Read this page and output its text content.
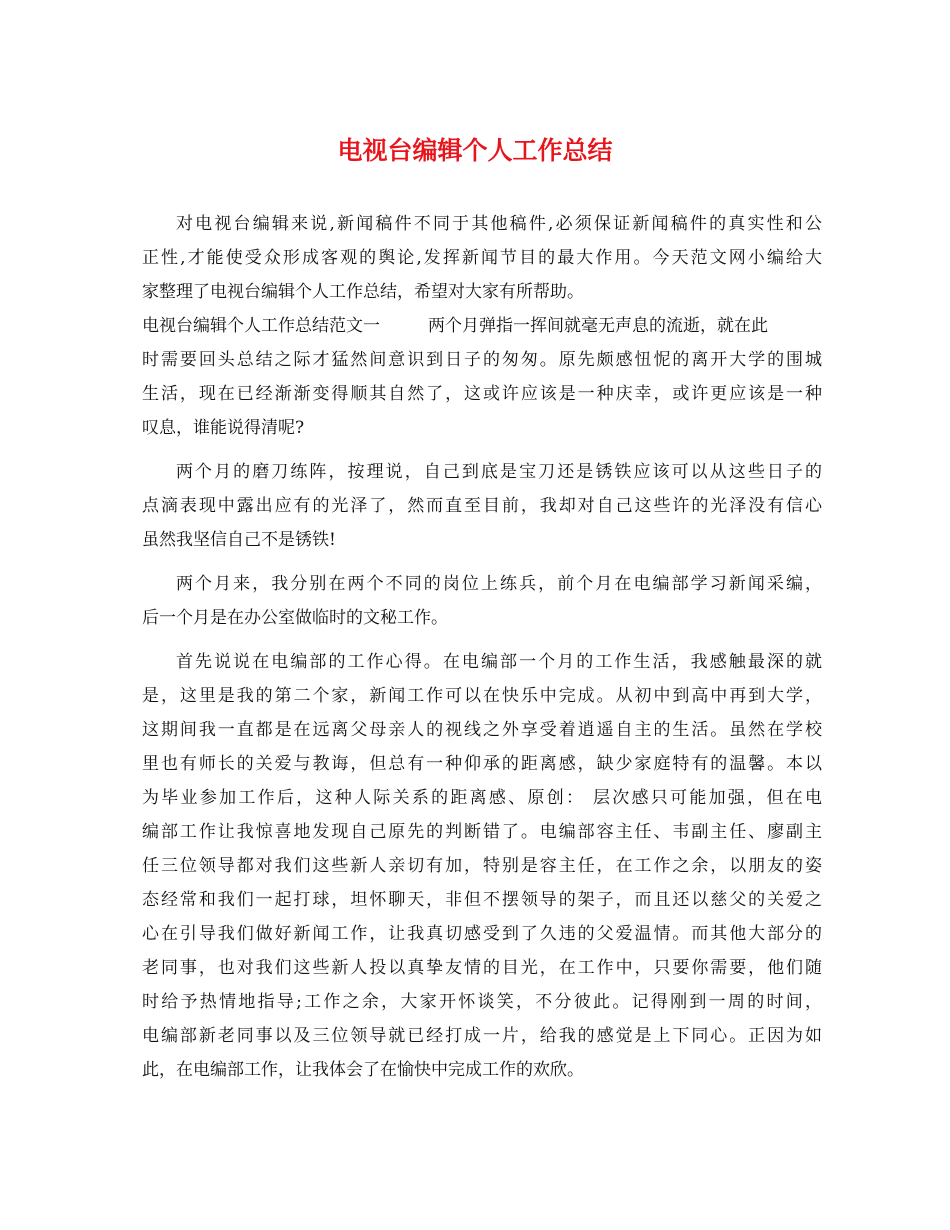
电视台编辑个人工作总结

对电视台编辑来说,新闻稿件不同于其他稿件,必须保证新闻稿件的真实性和公

正性,才能使受众形成客观的舆论,发挥新闻节目的最大作用。今天范文网小编给大

家整理了电视台编辑个人工作总结，希望对大家有所帮助。

电视台编辑个人工作总结范文一	两个月弹指一挥间就毫无声息的流逝，就在此

时需要回头总结之际才猛然间意识到日子的匆匆。原先颇感忸怩的离开大学的围城

生活，现在已经渐渐变得顺其自然了，这或许应该是一种庆幸，或许更应该是一种

叹息，谁能说得清呢?

两个月的磨刀练阵，按理说，自己到底是宝刀还是锈铁应该可以从这些日子的

点滴表现中露出应有的光泽了，然而直至目前，我却对自己这些许的光泽没有信心

虽然我坚信自己不是锈铁!

两个月来，我分别在两个不同的岗位上练兵，前个月在电编部学习新闻采编，

后一个月是在办公室做临时的文秘工作。

首先说说在电编部的工作心得。在电编部一个月的工作生活，我感触最深的就

是，这里是我的第二个家，新闻工作可以在快乐中完成。从初中到高中再到大学，

这期间我一直都是在远离父母亲人的视线之外享受着逍遥自主的生活。虽然在学校

里也有师长的关爱与教诲，但总有一种仰承的距离感，缺少家庭特有的温馨。本以

为毕业参加工作后，这种人际关系的距离感、原创： 层次感只可能加强，但在电

编部工作让我惊喜地发现自己原先的判断错了。电编部容主任、韦副主任、廖副主

任三位领导都对我们这些新人亲切有加，特别是容主任，在工作之余，以朋友的姿

态经常和我们一起打球，坦怀聊天，非但不摆领导的架子，而且还以慈父的关爱之

心在引导我们做好新闻工作，让我真切感受到了久违的父爱温情。而其他大部分的

老同事，也对我们这些新人投以真挚友情的目光，在工作中，只要你需要，他们随

时给予热情地指导;工作之余，大家开怀谈笑，不分彼此。记得刚到一周的时间，

电编部新老同事以及三位领导就已经打成一片，给我的感觉是上下同心。正因为如

此，在电编部工作，让我体会了在愉快中完成工作的欢欣。
